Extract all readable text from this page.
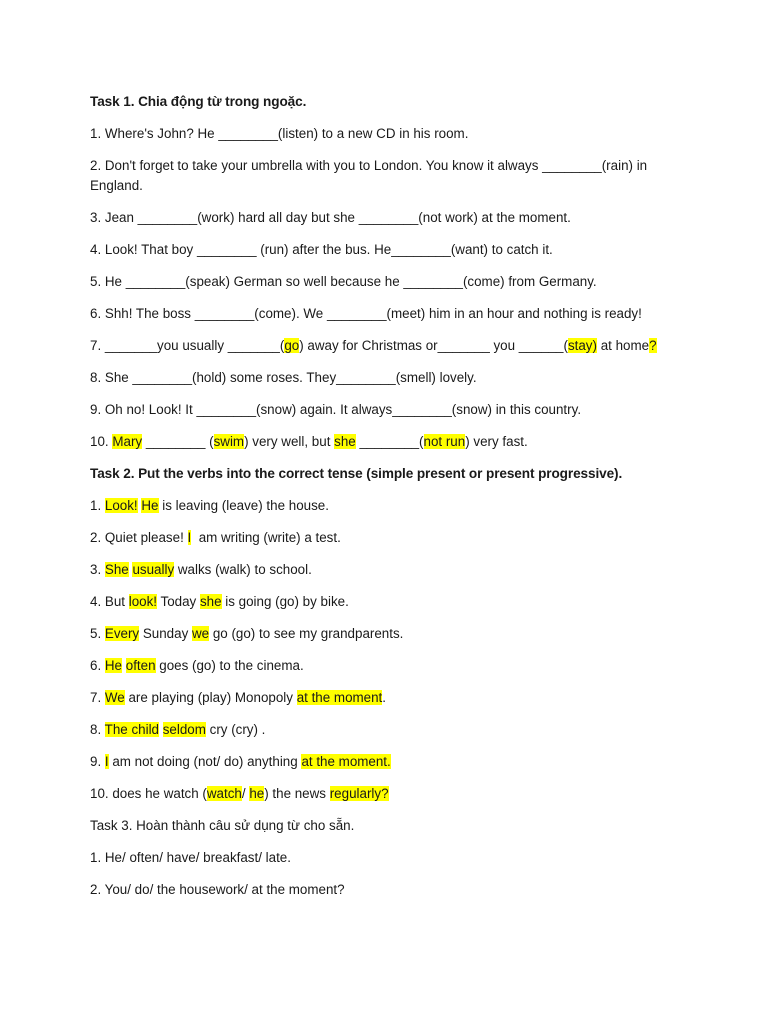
Task 1. Chia động từ trong ngoặc.
1. Where's John? He ________(listen) to a new CD in his room.
2. Don't forget to take your umbrella with you to London. You know it always ________(rain) in England.
3. Jean ________(work) hard all day but she ________(not work) at the moment.
4. Look! That boy ________ (run) after the bus. He________(want) to catch it.
5. He ________(speak) German so well because he ________(come) from Germany.
6. Shh! The boss ________(come). We ________(meet) him in an hour and nothing is ready!
7. _______you usually _______(go) away for Christmas or_______ you ______(stay) at home?
8. She ________(hold) some roses. They________(smell) lovely.
9. Oh no! Look! It ________(snow) again. It always________(snow) in this country.
10. Mary ________ (swim) very well, but she ________(not run) very fast.
Task 2. Put the verbs into the correct tense (simple present or present progressive).
1. Look! He is leaving (leave) the house.
2. Quiet please! I  am writing (write) a test.
3. She usually walks (walk) to school.
4. But look! Today she is going (go) by bike.
5. Every Sunday we go (go) to see my grandparents.
6. He often goes (go) to the cinema.
7. We are playing (play) Monopoly at the moment.
8. The child seldom cry (cry) .
9. I am not doing (not/ do) anything at the moment.
10. does he watch (watch/ he) the news regularly?
Task 3. Hoàn thành câu sử dụng từ cho sẵn.
1. He/ often/ have/ breakfast/ late.
2. You/ do/ the housework/ at the moment?
